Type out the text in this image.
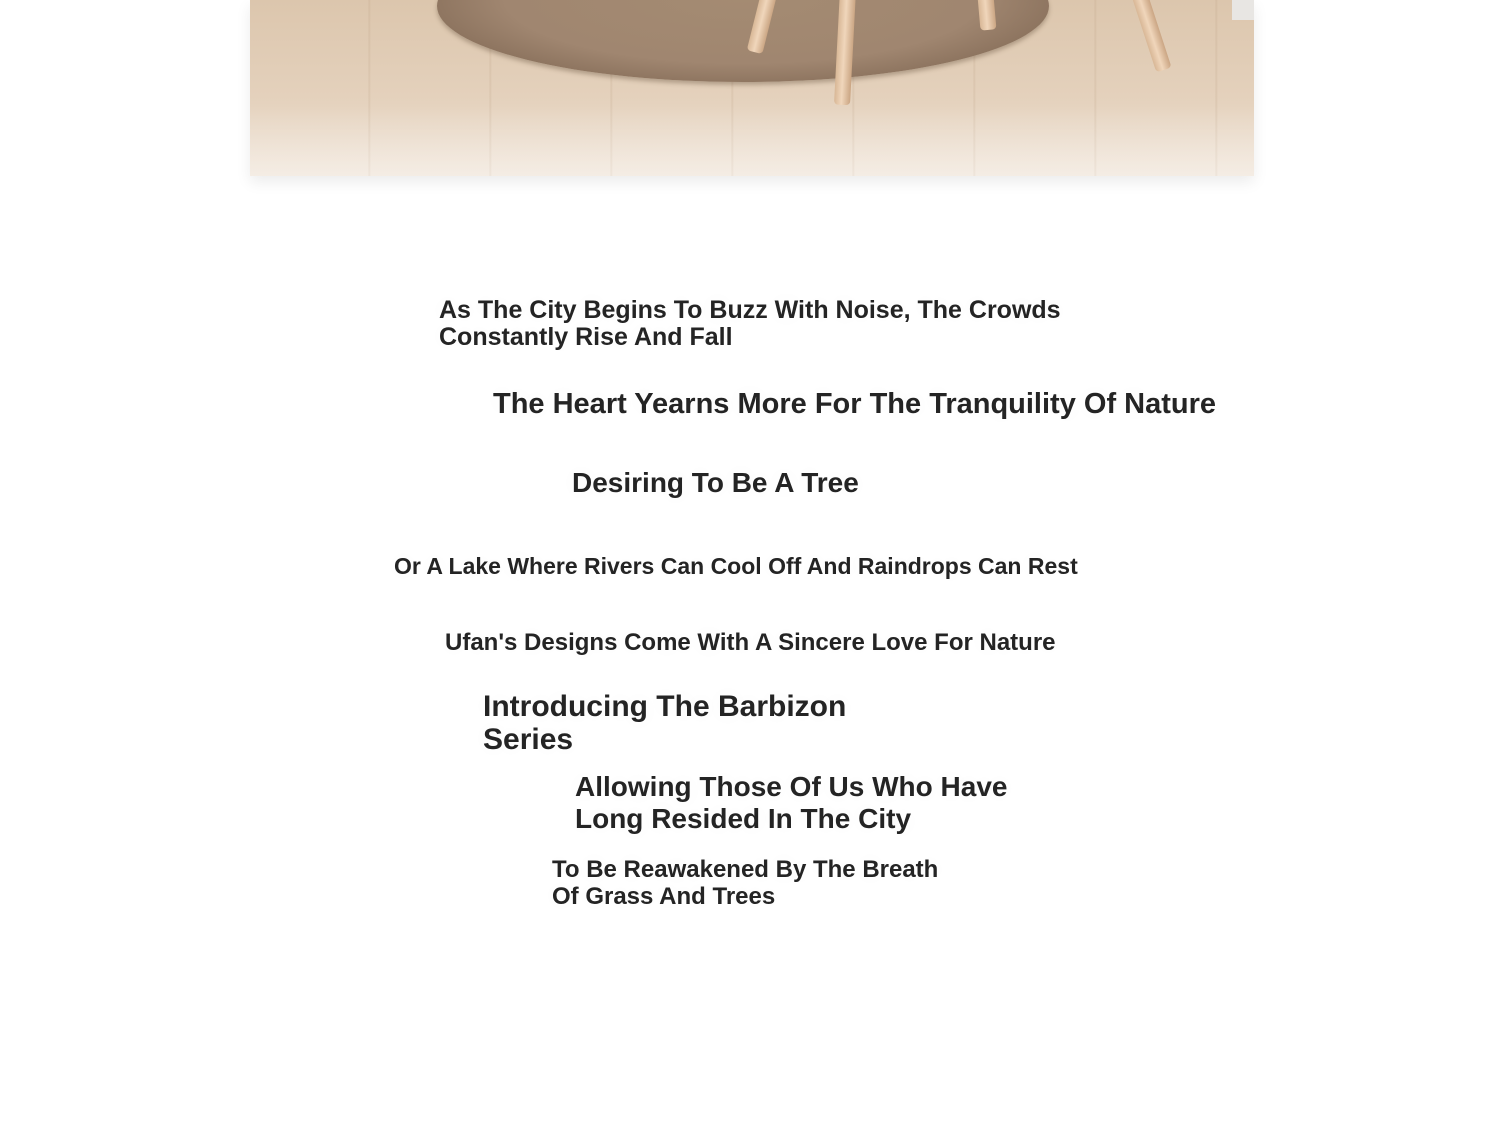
As The City Begins To Buzz With Noise, The Crowds
Constantly Rise And Fall

The Heart Yearns More For The Tranquility Of Nature

Desiring To Be A Tree

Or A Lake Where Rivers Can Cool Off And Raindrops Can Rest

Ufan's Designs Come With A Sincere Love For Nature

Introducing The Barbizon
Series

Allowing Those Of Us Who Have
Long Resided In The City

To Be Reawakened By The Breath
Of Grass And Trees
